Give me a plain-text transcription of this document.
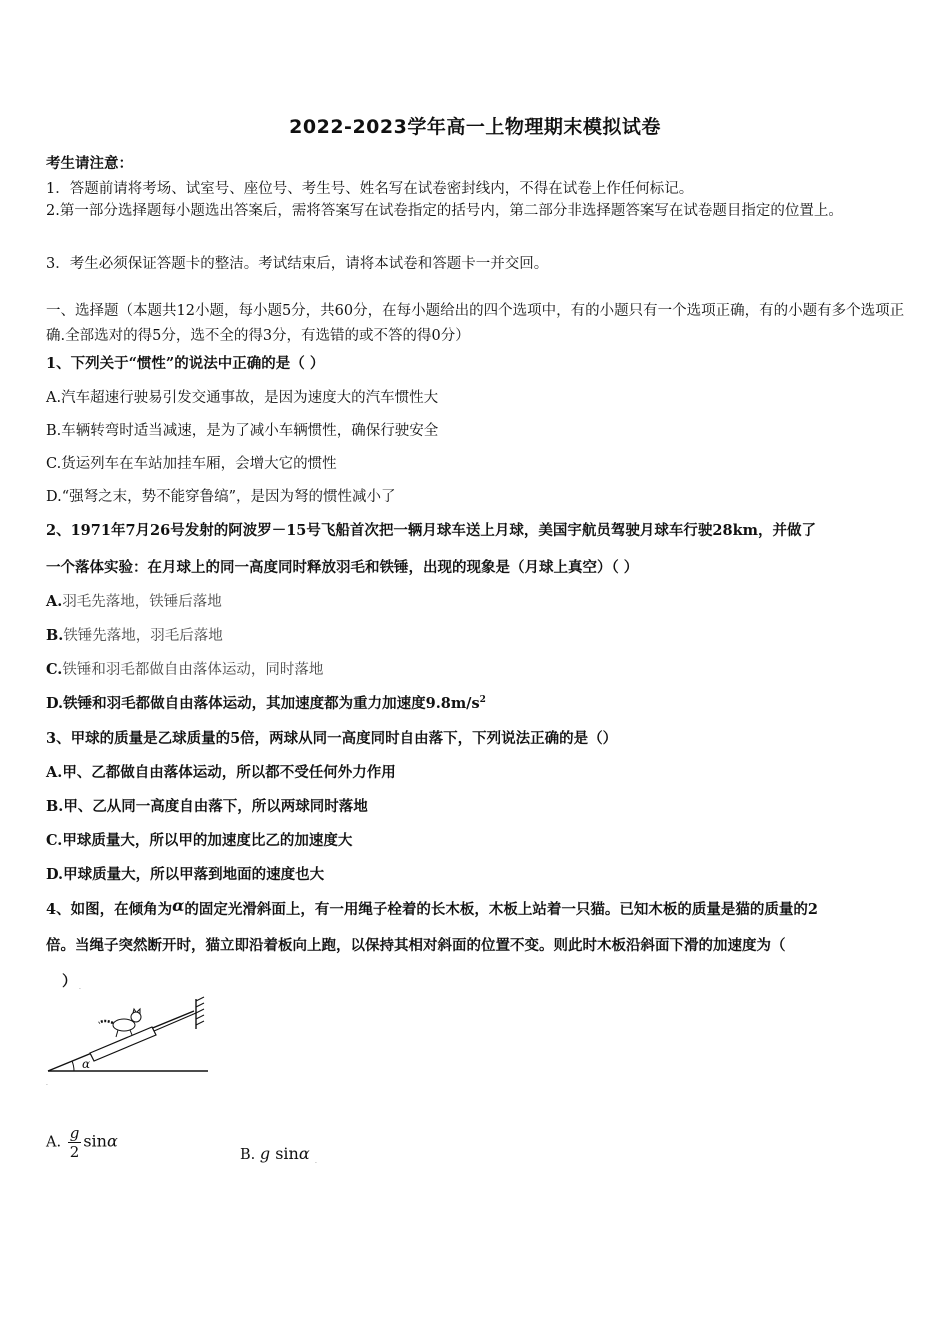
2022-2023学年高一上物理期末模拟试卷
考生请注意：
1．答题前请将考场、试室号、座位号、考生号、姓名写在试卷密封线内，不得在试卷上作任何标记。
2.第一部分选择题每小题选出答案后，需将答案写在试卷指定的括号内，第二部分非选择题答案写在试卷题目指定的位置上。
3．考生必须保证答题卡的整洁。考试结束后，请将本试卷和答题卡一并交回。
一、选择题（本题共12小题，每小题5分，共60分，在每小题给出的四个选项中，有的小题只有一个选项正确，有的小题有多个选项正确.全部选对的得5分，选不全的得3分，有选错的或不答的得0分）
1、下列关于“惯性”的说法中正确的是（ ）
A.汽车超速行驶易引发交通事故，是因为速度大的汽车惯性大
B.车辆转弯时适当减速，是为了减小车辆惯性，确保行驶安全
C.货运列车在车站加挂车厢，会增大它的惯性
D.“强弩之末，势不能穿鲁缟”，是因为弩的惯性减小了
2、1971年7月26号发射的阿波罗－15号飞船首次把一辆月球车送上月球，美国宇航员驾驶月球车行驶28km，并做了
一个落体实验：在月球上的同一高度同时释放羽毛和铁锤，出现的现象是（月球上真空）（ ）
A.羽毛先落地，铁锤后落地
B.铁锤先落地，羽毛后落地
C.铁锤和羽毛都做自由落体运动，同时落地
D.铁锤和羽毛都做自由落体运动，其加速度都为重力加速度$9.8m/s^2$
3、甲球的质量是乙球质量的5倍，两球从同一高度同时自由落下，下列说法正确的是（）
A.甲、乙都做自由落体运动，所以都不受任何外力作用
B.甲、乙从同一高度自由落下，所以两球同时落地
C.甲球质量大，所以甲的加速度比乙的加速度大
D.甲球质量大，所以甲落到地面的速度也大
4、如图，在倾角为α的固定光滑斜面上，有一用绳子栓着的长木板，木板上站着一只猫。已知木板的质量是猫的质量的2
倍。当绳子突然断开时，猫立即沿着板向上跑，以保持其相对斜面的位置不变。则此时木板沿斜面下滑的加速度为（
） .
α
.
A. $\frac{g}{2}$ sinα
B. g sinα .
